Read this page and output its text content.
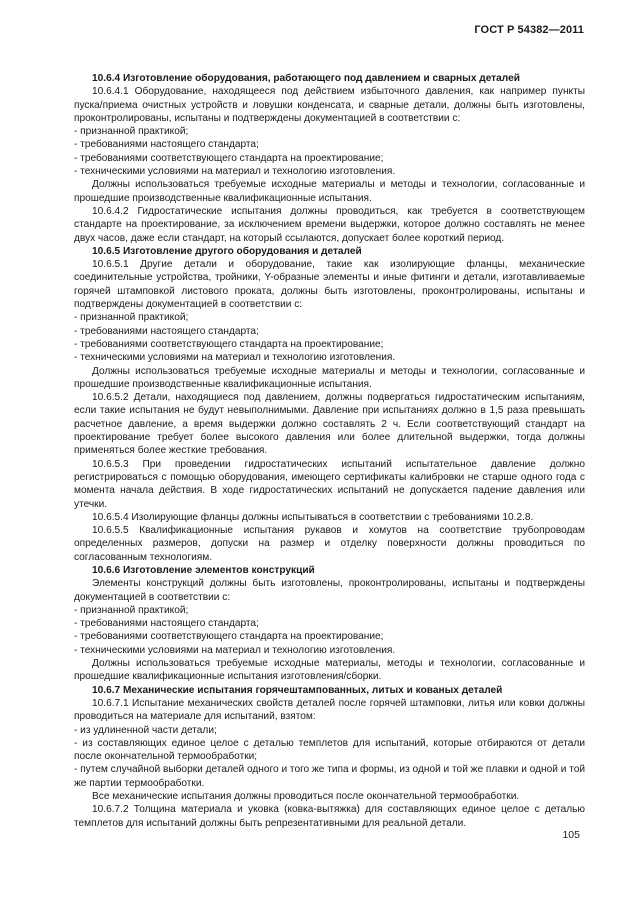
ГОСТ Р 54382—2011

10.6.4 Изготовление оборудования, работающего под давлением и сварных деталей

10.6.4.1 Оборудование, находящееся под действием избыточного давления, как например пункты пуска/приема очистных устройств и ловушки конденсата, и сварные детали, должны быть изготовлены, проконтролированы, испытаны и подтверждены документацией в соответствии с:

- признанной практикой;

- требованиями настоящего стандарта;

- требованиями соответствующего стандарта на проектирование;

- техническими условиями на материал и технологию изготовления.

Должны использоваться требуемые исходные материалы и методы и технологии, согласованные и прошедшие производственные квалификационные испытания.

10.6.4.2 Гидростатические испытания должны проводиться, как требуется в соответствующем стандарте на проектирование, за исключением времени выдержки, которое должно составлять не менее двух часов, даже если стандарт, на который ссылаются, допускает более короткий период.

10.6.5 Изготовление другого оборудования и деталей

10.6.5.1 Другие детали и оборудование, такие как изолирующие фланцы, механические соединительные устройства, тройники, Y-образные элементы и иные фитинги и детали, изготавливаемые горячей штамповкой листового проката, должны быть изготовлены, проконтролированы, испытаны и подтверждены документацией в соответствии с:

- признанной практикой;

- требованиями настоящего стандарта;

- требованиями соответствующего стандарта на проектирование;

- техническими условиями на материал и технологию изготовления.

Должны использоваться требуемые исходные материалы и методы и технологии, согласованные и прошедшие производственные квалификационные испытания.

10.6.5.2 Детали, находящиеся под давлением, должны подвергаться гидростатическим испытаниям, если такие испытания не будут невыполнимыми. Давление при испытаниях должно в 1,5 раза превышать расчетное давление, а время выдержки должно составлять 2 ч. Если соответствующий стандарт на проектирование требует более высокого давления или более длительной выдержки, тогда должны применяться более жесткие требования.

10.6.5.3 При проведении гидростатических испытаний испытательное давление должно регистрироваться с помощью оборудования, имеющего сертификаты калибровки не старше одного года с момента начала действия. В ходе гидростатических испытаний не допускается падение давления или утечки.

10.6.5.4 Изолирующие фланцы должны испытываться в соответствии с требованиями 10.2.8.

10.6.5.5 Квалификационные испытания рукавов и хомутов на соответствие трубопроводам определенных размеров, допуски на размер и отделку поверхности должны проводиться по согласованным технологиям.

10.6.6 Изготовление элементов конструкций

Элементы конструкций должны быть изготовлены, проконтролированы, испытаны и подтверждены документацией в соответствии с:

- признанной практикой;

- требованиями настоящего стандарта;

- требованиями соответствующего стандарта на проектирование;

- техническими условиями на материал и технологию изготовления.

Должны использоваться требуемые исходные материалы, методы и технологии, согласованные и прошедшие квалификационные испытания изготовления/сборки.

10.6.7 Механические испытания горячештампованных, литых и кованых деталей

10.6.7.1 Испытание механических свойств деталей после горячей штамповки, литья или ковки должны проводиться на материале для испытаний, взятом:

- из удлиненной части детали;

- из составляющих единое целое с деталью темплетов для испытаний, которые отбираются от детали после окончательной термообработки;

- путем случайной выборки деталей одного и того же типа и формы, из одной и той же плавки и одной и той же партии термообработки.

Все механические испытания должны проводиться после окончательной термообработки.

10.6.7.2 Толщина материала и уковка (ковка-вытяжка) для составляющих единое целое с деталью темплетов для испытаний должны быть репрезентативными для реальной детали.

105
